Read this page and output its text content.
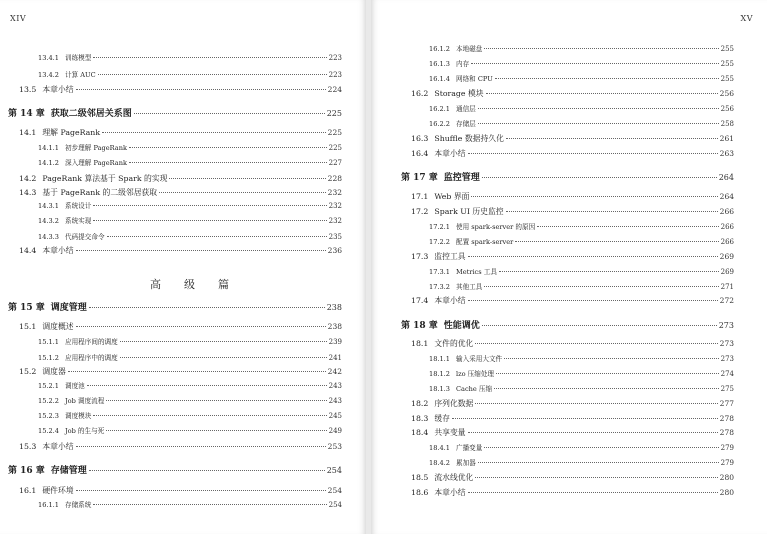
XIV
高　级　篇
13.4.1 训练模型	223
13.4.2 计算 AUC	223
13.5 本章小结	224
第 14 章 获取二级邻居关系图	225
14.1 理解 PageRank	225
14.1.1 初步理解 PageRank	225
14.1.2 深入理解 PageRank	227
14.2 PageRank 算法基于 Spark 的实现	228
14.3 基于 PageRank 的二级邻居获取	232
14.3.1 系统设计	232
14.3.2 系统实现	232
14.3.3 代码提交命令	235
14.4 本章小结	236
第 15 章 调度管理	238
15.1 调度概述	238
15.1.1 应用程序间的调度	239
15.1.2 应用程序中的调度	241
15.2 调度器	242
15.2.1 调度池	243
15.2.2 Job 调度流程	243
15.2.3 调度模块	245
15.2.4 Job 的生与死	249
15.3 本章小结	253
第 16 章 存储管理	254
16.1 硬件环境	254
16.1.1 存储系统	254
XV
16.1.2 本地磁盘	255
16.1.3 内存	255
16.1.4 网络和 CPU	255
16.2 Storage 模块	256
16.2.1 通信层	256
16.2.2 存储层	258
16.3 Shuffle 数据持久化	261
16.4 本章小结	263
第 17 章 监控管理	264
17.1 Web 界面	264
17.2 Spark UI 历史监控	266
17.2.1 使用 spark-server 的原因	266
17.2.2 配置 spark-server	266
17.3 监控工具	269
17.3.1 Metrics 工具	269
17.3.2 其他工具	271
17.4 本章小结	272
第 18 章 性能调优	273
18.1 文件的优化	273
18.1.1 输入采用大文件	273
18.1.2 lzo 压缩处理	274
18.1.3 Cache 压缩	275
18.2 序列化数据	277
18.3 缓存	278
18.4 共享变量	278
18.4.1 广播变量	279
18.4.2 累加器	279
18.5 流水线优化	280
18.6 本章小结	280
